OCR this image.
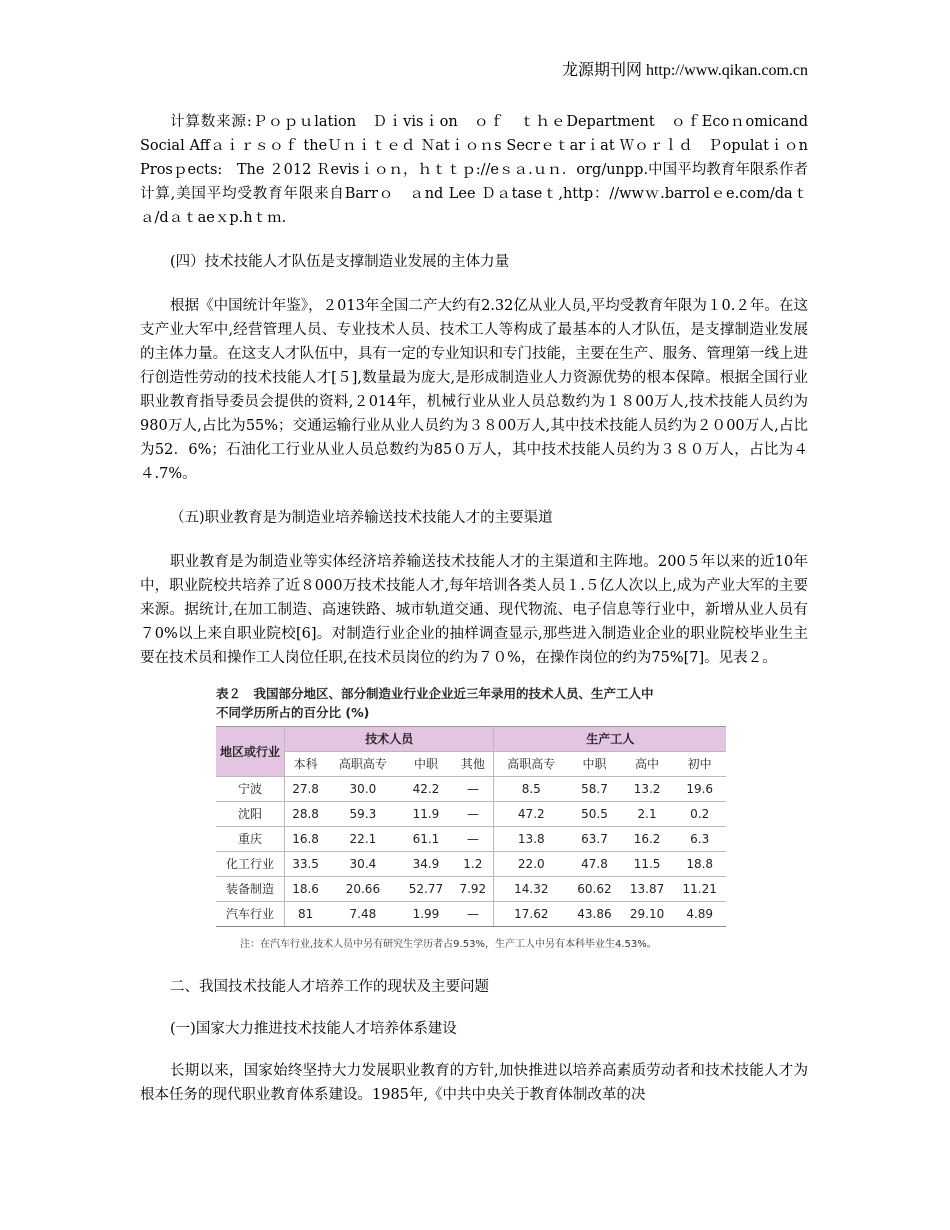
龙源期刊网 http://www.qikan.com.cn

计算数来源:Ｐｏｐｕlation　Ｄｉvisｉon　ｏｆ　ｔｈｅDepartment　ｏｆEcoｎomicand Social Affａｉｒｓｏｆ theＵｎｉｔｅｄ Ｎatｉｏｎs Secrｅｔarｉat Ｗｏｒｌｄ　Ｐopulatｉｏn Prosｐects:　The ２012 Ｒevisｉｏｎ，ｈｔｔｐ://eｓａ.ｕｎ．org/unpp.中国平均教育年限系作者计算,美国平均受教育年限来自Barrｏ　ａnd Lee Ｄａtaseｔ,http：//wwｗ.barrolｅe.com/daｔａ/dａｔaeｘp.hｔｍ.

(四）技术技能人才队伍是支撑制造业发展的主体力量

根据《中国统计年鉴》，２013年全国二产大约有2.32亿从业人员,平均受教育年限为１0.２年。在这支产业大军中,经营管理人员、专业技术人员、技术工人等构成了最基本的人才队伍，是支撑制造业发展的主体力量。在这支人才队伍中，具有一定的专业知识和专门技能，主要在生产、服务、管理第一线上进行创造性劳动的技术技能人才[５],数量最为庞大,是形成制造业人力资源优势的根本保障。根据全国行业职业教育指导委员会提供的资料,２014年，机械行业从业人员总数约为１８00万人,技术技能人员约为980万人,占比为55%；交通运输行业从业人员约为３８00万人,其中技术技能人员约为２０00万人,占比为52．6%；石油化工行业从业人员总数约为85０万人，其中技术技能人员约为３８０万人，占比为４４.7%。

（五)职业教育是为制造业培养输送技术技能人才的主要渠道

职业教育是为制造业等实体经济培养输送技术技能人才的主渠道和主阵地。200５年以来的近10年中，职业院校共培养了近８000万技术技能人才,每年培训各类人员１.５亿人次以上,成为产业大军的主要来源。据统计,在加工制造、高速铁路、城市轨道交通、现代物流、电子信息等行业中，新增从业人员有７0%以上来自职业院校[6]。对制造行业企业的抽样调查显示,那些进入制造业企业的职业院校毕业生主要在技术员和操作工人岗位任职,在技术员岗位的约为７０%，在操作岗位的约为75%[7]。见表２。

表２　我国部分地区、部分制造业行业企业近三年录用的技术人员、生产工人中
不同学历所占的百分比 (%)
地区或行业	技术人员				生产工人			
	本科	高职高专	中职	其他	高职高专	中职	高中	初中
宁波	27.8	30.0	42.2	—	8.5	58.7	13.2	19.6
沈阳	28.8	59.3	11.9	—	47.2	50.5	2.1	0.2
重庆	16.8	22.1	61.1	—	13.8	63.7	16.2	6.3
化工行业	33.5	30.4	34.9	1.2	22.0	47.8	11.5	18.8
装备制造	18.6	20.66	52.77	7.92	14.32	60.62	13.87	11.21
汽车行业	81	7.48	1.99	—	17.62	43.86	29.10	4.89
注：在汽车行业,技术人员中另有研究生学历者占9.53%，生产工人中另有本科毕业生4.53%。

二、我国技术技能人才培养工作的现状及主要问题

(一)国家大力推进技术技能人才培养体系建设

长期以来，国家始终坚持大力发展职业教育的方针,加快推进以培养高素质劳动者和技术技能人才为根本任务的现代职业教育体系建设。1985年,《中共中央关于教育体制改革的决
